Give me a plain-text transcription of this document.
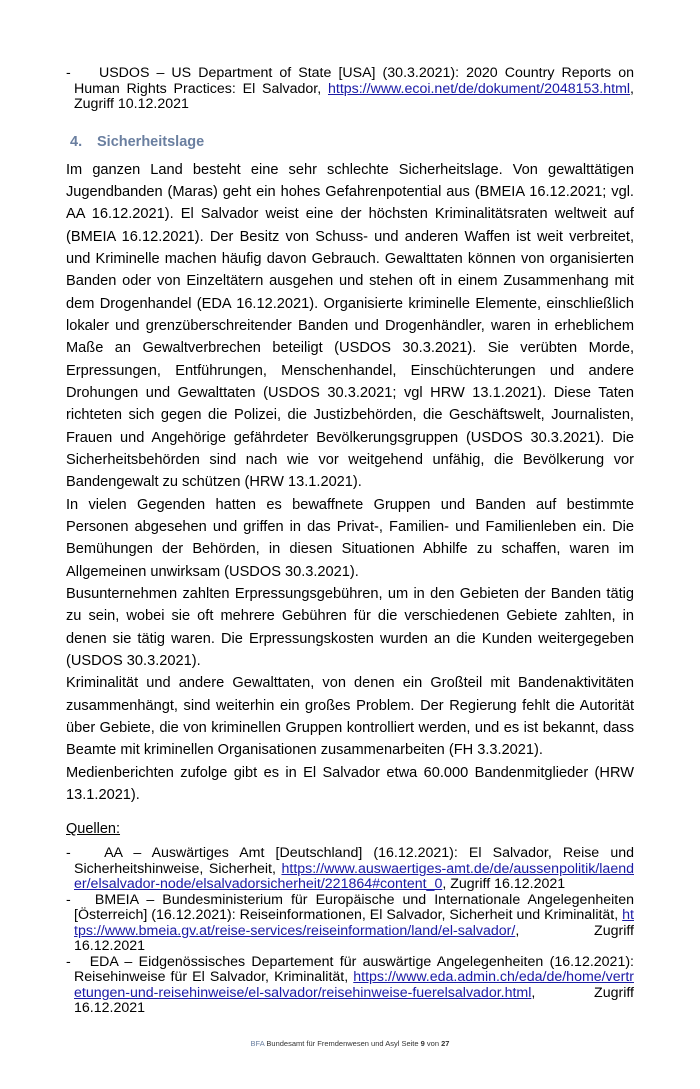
-    USDOS – US Department of State [USA] (30.3.2021): 2020 Country Reports on Human Rights Practices: El Salvador, https://www.ecoi.net/de/dokument/2048153.html, Zugriff 10.12.2021

4. Sicherheitslage

Im ganzen Land besteht eine sehr schlechte Sicherheitslage. Von gewalttätigen Jugendbanden (Maras) geht ein hohes Gefahrenpotential aus (BMEIA 16.12.2021; vgl. AA 16.12.2021). El Salvador weist eine der höchsten Kriminalitätsraten weltweit auf (BMEIA 16.12.2021). Der Besitz von Schuss- und anderen Waffen ist weit verbreitet, und Kriminelle machen häufig davon Gebrauch. Gewalttaten können von organisierten Banden oder von Einzeltätern ausgehen und stehen oft in einem Zusammenhang mit dem Drogenhandel (EDA 16.12.2021). Organisierte kriminelle Elemente, einschließlich lokaler und grenzüberschreitender Banden und Drogenhändler, waren in erheblichem Maße an Gewaltverbrechen beteiligt (USDOS 30.3.2021). Sie verübten Morde, Erpressungen, Entführungen, Menschenhandel, Einschüchterungen und andere Drohungen und Gewalttaten (USDOS 30.3.2021; vgl HRW 13.1.2021). Diese Taten richteten sich gegen die Polizei, die Justizbehörden, die Geschäftswelt, Journalisten, Frauen und Angehörige gefährdeter Bevölkerungsgruppen (USDOS 30.3.2021). Die Sicherheitsbehörden sind nach wie vor weitgehend unfähig, die Bevölkerung vor Bandengewalt zu schützen (HRW 13.1.2021).

In vielen Gegenden hatten es bewaffnete Gruppen und Banden auf bestimmte Personen abgesehen und griffen in das Privat-, Familien- und Familienleben ein. Die Bemühungen der Behörden, in diesen Situationen Abhilfe zu schaffen, waren im Allgemeinen unwirksam (USDOS 30.3.2021).

Busunternehmen zahlten Erpressungsgebühren, um in den Gebieten der Banden tätig zu sein, wobei sie oft mehrere Gebühren für die verschiedenen Gebiete zahlten, in denen sie tätig waren. Die Erpressungskosten wurden an die Kunden weitergegeben (USDOS 30.3.2021).

Kriminalität und andere Gewalttaten, von denen ein Großteil mit Bandenaktivitäten zusammenhängt, sind weiterhin ein großes Problem. Der Regierung fehlt die Autorität über Gebiete, die von kriminellen Gruppen kontrolliert werden, und es ist bekannt, dass Beamte mit kriminellen Organisationen zusammenarbeiten (FH 3.3.2021).

Medienberichten zufolge gibt es in El Salvador etwa 60.000 Bandenmitglieder (HRW 13.1.2021).

Quellen:

-   AA – Auswärtiges Amt [Deutschland] (16.12.2021): El Salvador, Reise und Sicherheitshinweise, Sicherheit, https://www.auswaertiges-amt.de/de/aussenpolitik/laender/elsalvador-node/elsalvadorsicherheit/221864#content_0, Zugriff 16.12.2021

-   BMEIA – Bundesministerium für Europäische und Internationale Angelegenheiten [Österreich] (16.12.2021): Reiseinformationen, El Salvador, Sicherheit und Kriminalität, https://www.bmeia.gv.at/reise-services/reiseinformation/land/el-salvador/, Zugriff 16.12.2021

-   EDA – Eidgenössisches Departement für auswärtige Angelegenheiten (16.12.2021): Reisehinweise für El Salvador, Kriminalität, https://www.eda.admin.ch/eda/de/home/vertretungen-und-reisehinweise/el-salvador/reisehinweise-fuerelsalvador.html, Zugriff 16.12.2021

BFA Bundesamt für Fremdenwesen und Asyl Seite 9 von 27
